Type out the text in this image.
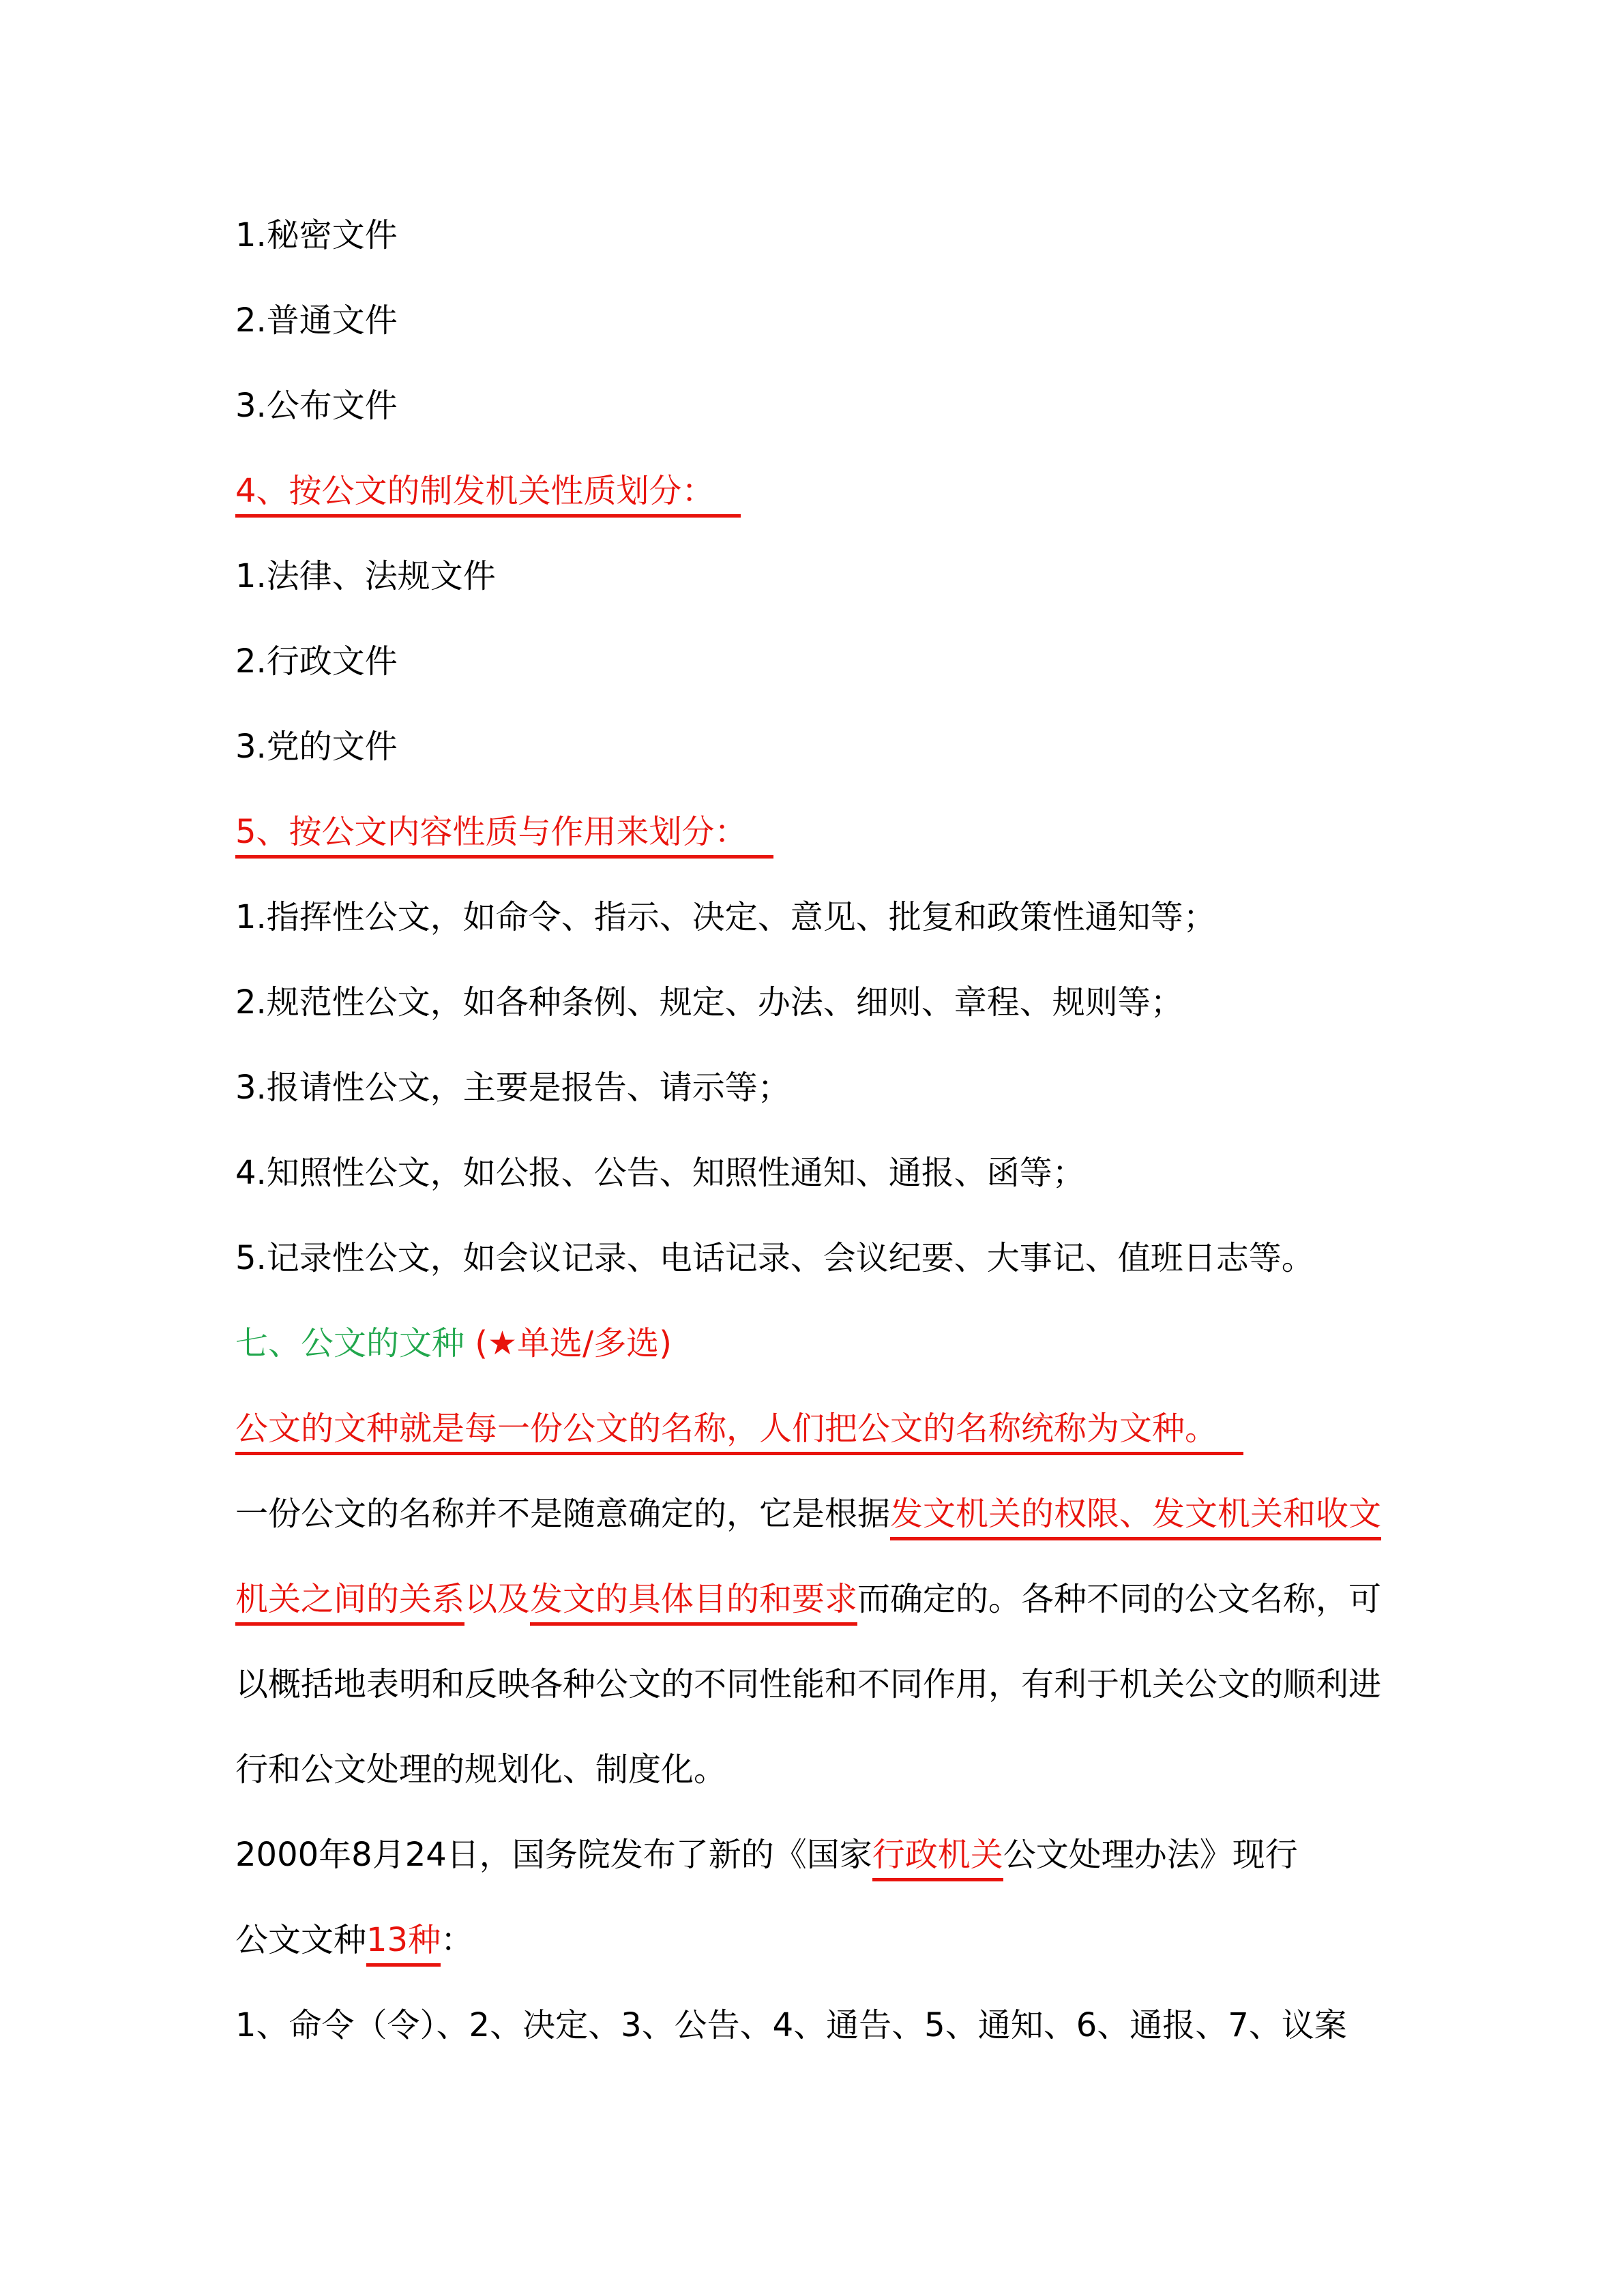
1.秘密文件
2.普通文件
3.公布文件
4、按公文的制发机关性质划分：
1.法律、法规文件
2.行政文件
3.党的文件
5、按公文内容性质与作用来划分：
1.指挥性公文，如命令、指示、决定、意见、批复和政策性通知等；
2.规范性公文，如各种条例、规定、办法、细则、章程、规则等；
3.报请性公文，主要是报告、请示等；
4.知照性公文，如公报、公告、知照性通知、通报、函等；
5.记录性公文，如会议记录、电话记录、会议纪要、大事记、值班日志等。
七、公文的文种 (★单选/多选)
公文的文种就是每一份公文的名称，人们把公文的名称统称为文种。
一份公文的名称并不是随意确定的，它是根据发文机关的权限、发文机关和收文
机关之间的关系以及发文的具体目的和要求而确定的。各种不同的公文名称，可
以概括地表明和反映各种公文的不同性能和不同作用，有利于机关公文的顺利进
行和公文处理的规划化、制度化。
2000年8月24日，国务院发布了新的《国家行政机关公文处理办法》现行
公文文种13种：
1、命令（令）、2、决定、3、公告、4、通告、5、通知、6、通报、7、议案
